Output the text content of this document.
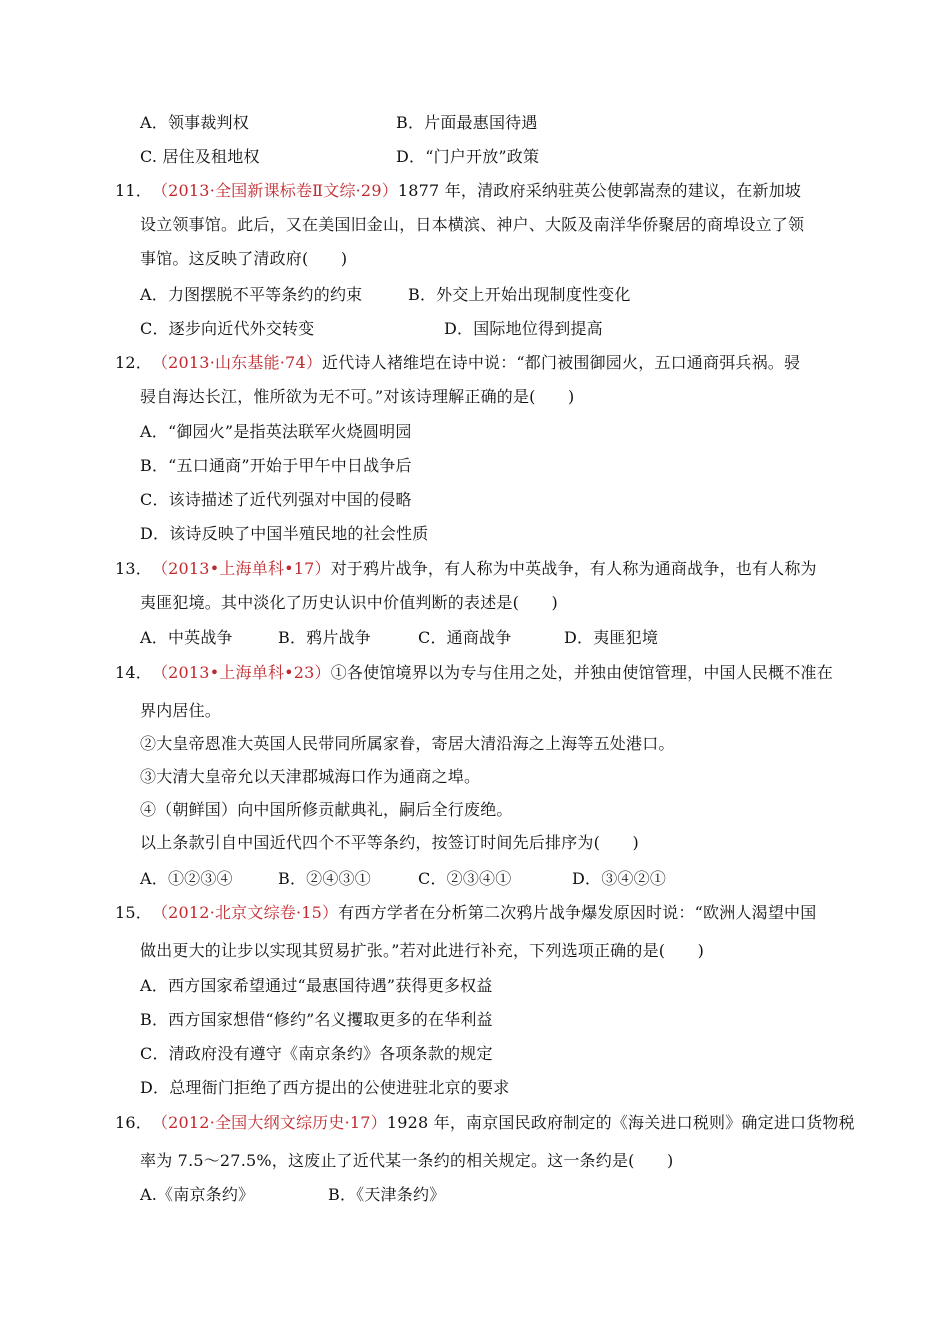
A．领事裁判权	B．片面最惠国待遇
C. 居住及租地权	D．“门户开放”政策
11．（2013·全国新课标卷Ⅱ文综·29）1877 年，清政府采纳驻英公使郭嵩焘的建议，在新加坡
设立领事馆。此后，又在美国旧金山，日本横滨、神户、大阪及南洋华侨聚居的商埠设立了领
事馆。这反映了清政府(　　)
A．力图摆脱不平等条约的约束	B．外交上开始出现制度性变化
C．逐步向近代外交转变	D．国际地位得到提高
12．（2013·山东基能·74）近代诗人褚维垲在诗中说：“都门被围御园火，五口通商弭兵祸。骎
骎自海达长江，惟所欲为无不可。”对该诗理解正确的是(　　)
A．“御园火”是指英法联军火烧圆明园
B．“五口通商”开始于甲午中日战争后
C．该诗描述了近代列强对中国的侵略
D．该诗反映了中国半殖民地的社会性质
13．（2013•上海单科•17）对于鸦片战争，有人称为中英战争，有人称为通商战争，也有人称为
夷匪犯境。其中淡化了历史认识中价值判断的表述是(　　)
A．中英战争	B．鸦片战争	C．通商战争	D．夷匪犯境
14．（2013•上海单科•23）①各使馆境界以为专与住用之处，并独由使馆管理，中国人民概不准在
界内居住。
②大皇帝恩准大英国人民带同所属家眷，寄居大清沿海之上海等五处港口。
③大清大皇帝允以天津郡城海口作为通商之埠。
④（朝鲜国）向中国所修贡献典礼，嗣后全行废绝。
以上条款引自中国近代四个不平等条约，按签订时间先后排序为(　　)
A．①②③④	B．②④③①	C．②③④①	D．③④②①
15．（2012·北京文综卷·15）有西方学者在分析第二次鸦片战争爆发原因时说：“欧洲人渴望中国
做出更大的让步以实现其贸易扩张。”若对此进行补充，下列选项正确的是(　　)
A．西方国家希望通过“最惠国待遇”获得更多权益
B．西方国家想借“修约”名义攫取更多的在华利益
C．清政府没有遵守《南京条约》各项条款的规定
D．总理衙门拒绝了西方提出的公使进驻北京的要求
16．（2012·全国大纲文综历史·17）1928 年，南京国民政府制定的《海关进口税则》确定进口货物税
率为 7.5～27.5%，这废止了近代某一条约的相关规定。这一条约是(　　)
A.《南京条约》	B．《天津条约》
